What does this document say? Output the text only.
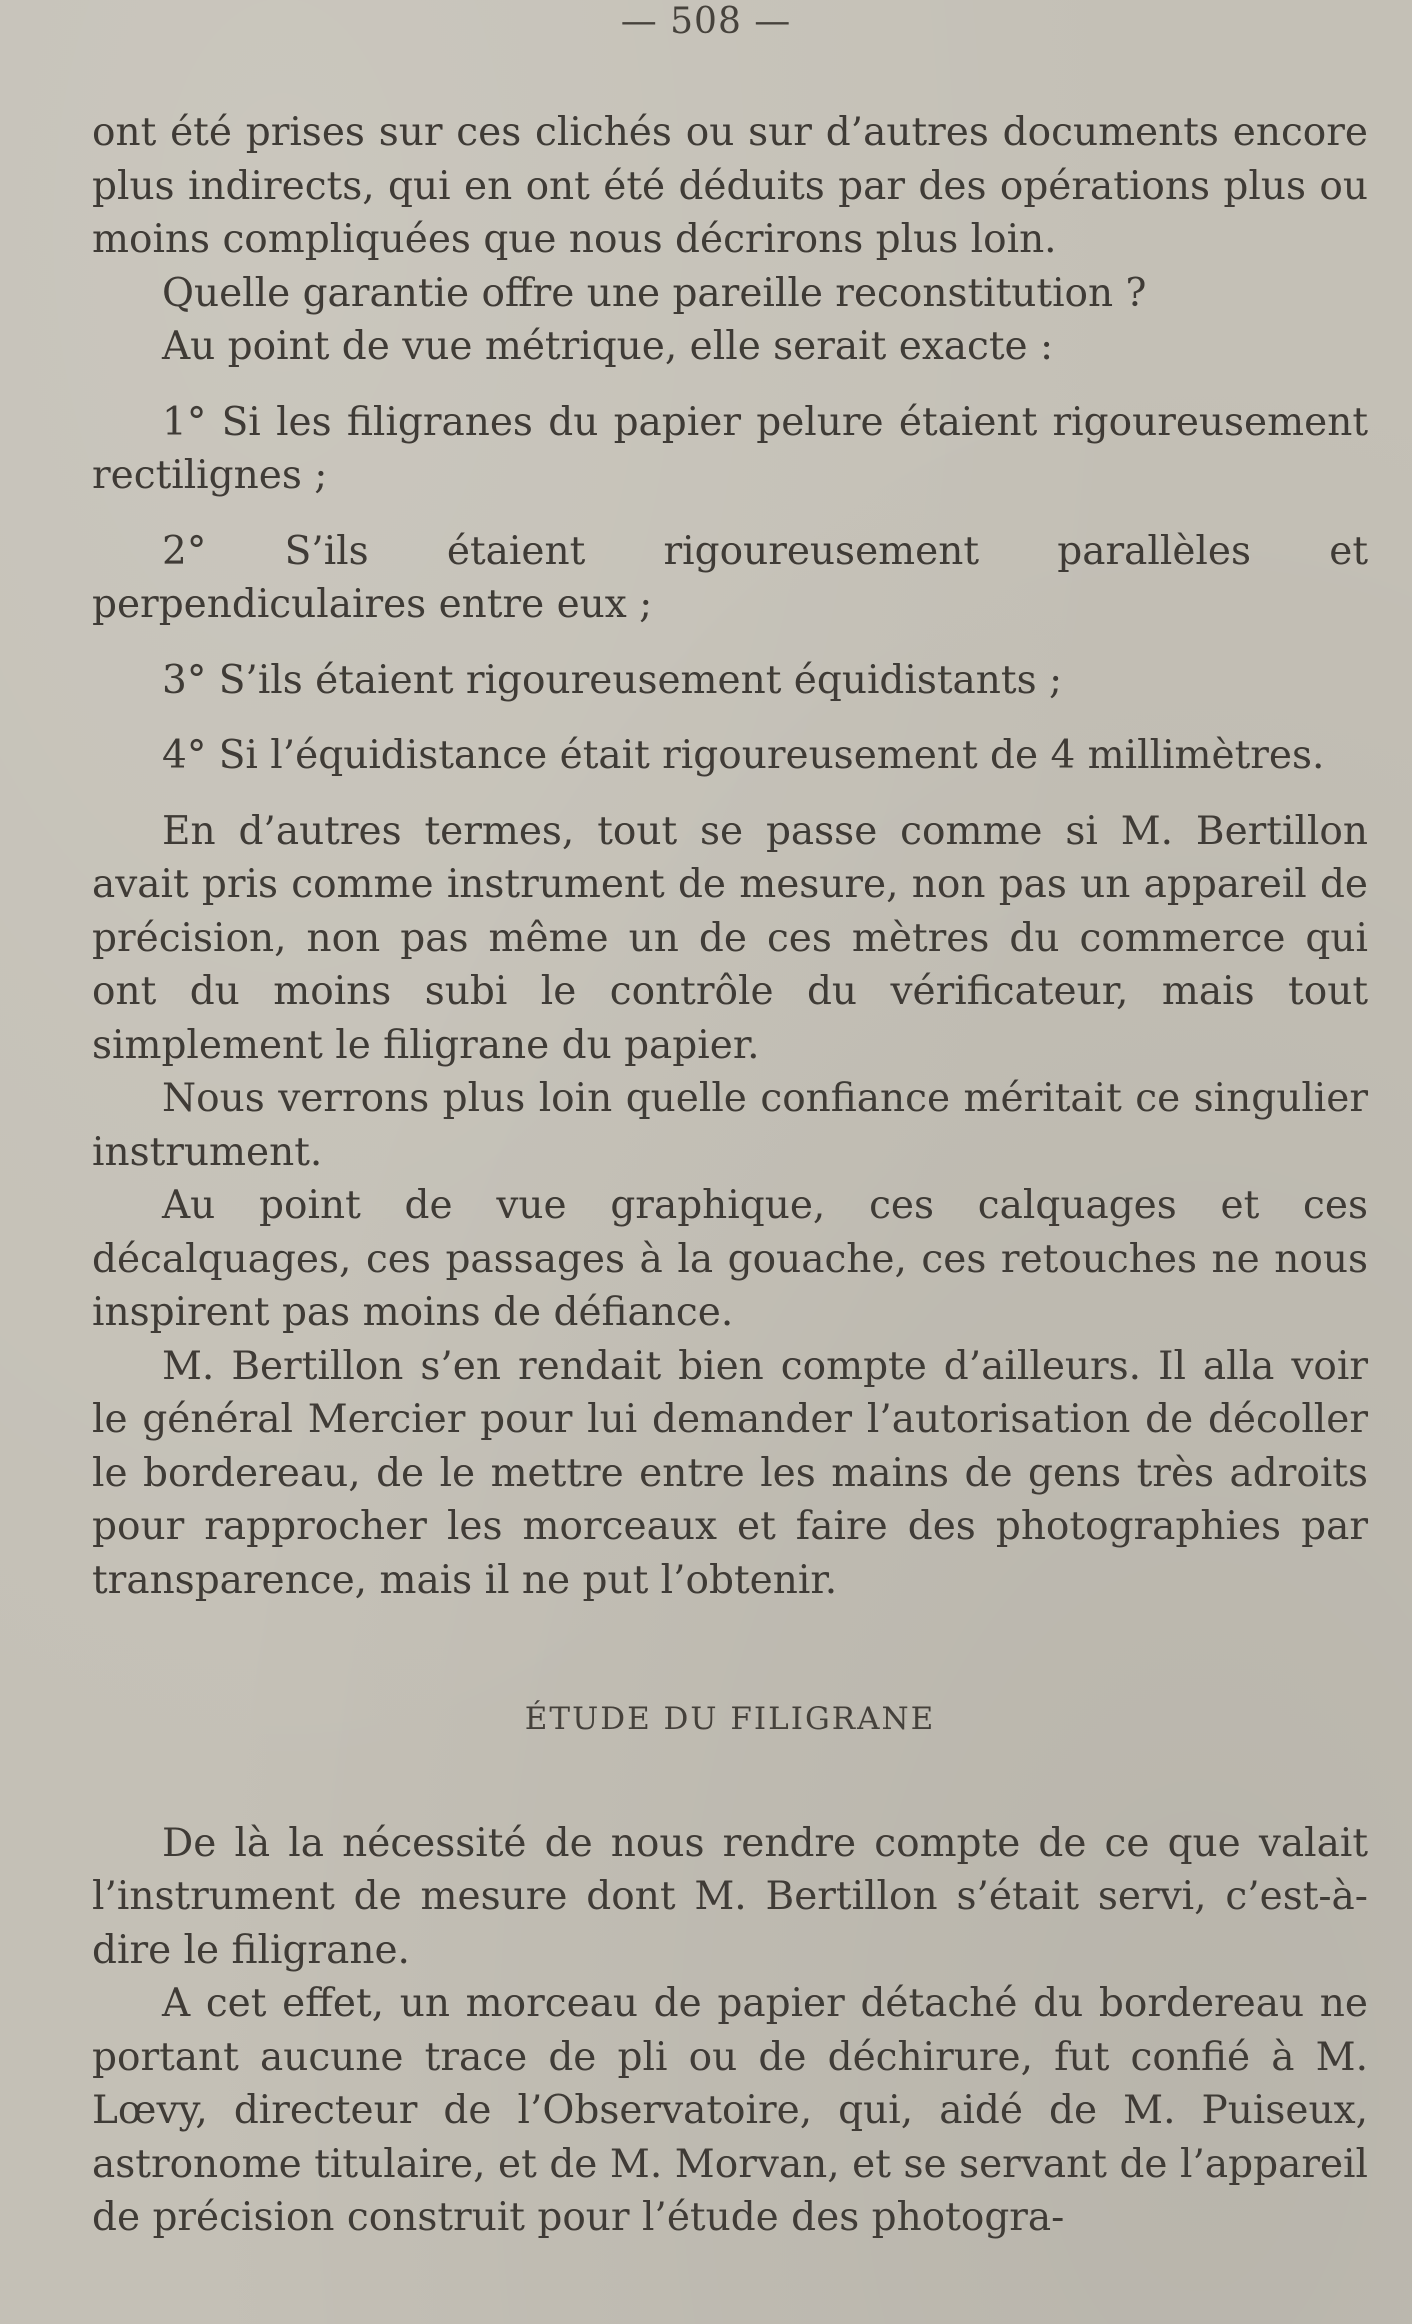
— 508 —

ont été prises sur ces clichés ou sur d’autres documents encore plus indirects, qui en ont été déduits par des opérations plus ou moins compliquées que nous décrirons plus loin.

Quelle garantie offre une pareille reconstitution ?

Au point de vue métrique, elle serait exacte :

1° Si les filigranes du papier pelure étaient rigoureusement rectilignes ;

2° S’ils étaient rigoureusement parallèles et perpendiculaires entre eux ;

3° S’ils étaient rigoureusement équidistants ;

4° Si l’équidistance était rigoureusement de 4 millimètres.

En d’autres termes, tout se passe comme si M. Bertillon avait pris comme instrument de mesure, non pas un appareil de précision, non pas même un de ces mètres du commerce qui ont du moins subi le contrôle du vérificateur, mais tout simplement le filigrane du papier.

Nous verrons plus loin quelle confiance méritait ce singulier instrument.

Au point de vue graphique, ces calquages et ces décalquages, ces passages à la gouache, ces retouches ne nous inspirent pas moins de défiance.

M. Bertillon s’en rendait bien compte d’ailleurs. Il alla voir le général Mercier pour lui demander l’autorisation de décoller le bordereau, de le mettre entre les mains de gens très adroits pour rapprocher les morceaux et faire des photographies par transparence, mais il ne put l’obtenir.

ÉTUDE DU FILIGRANE

De là la nécessité de nous rendre compte de ce que valait l’instrument de mesure dont M. Bertillon s’était servi, c’est-à-dire le filigrane.

A cet effet, un morceau de papier détaché du bordereau ne portant aucune trace de pli ou de déchirure, fut confié à M. Lœvy, directeur de l’Observatoire, qui, aidé de M. Puiseux, astronome titulaire, et de M. Morvan, et se servant de l’appareil de précision construit pour l’étude des photogra-
